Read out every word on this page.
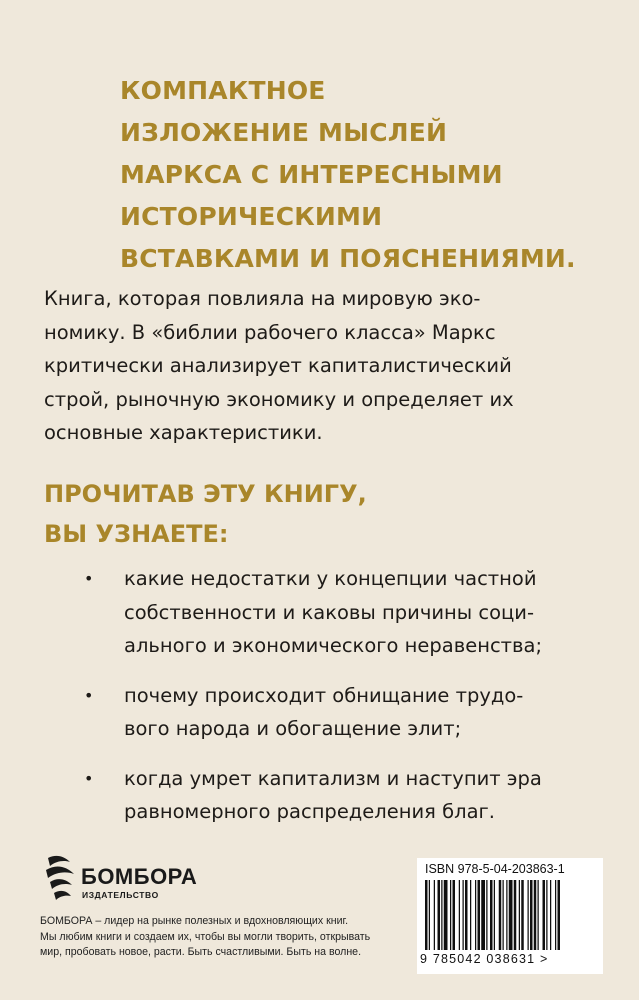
КОМПАКТНОЕ
ИЗЛОЖЕНИЕ МЫСЛЕЙ
МАРКСА С ИНТЕРЕСНЫМИ
ИСТОРИЧЕСКИМИ
ВСТАВКАМИ И ПОЯСНЕНИЯМИ.
Книга, которая повлияла на мировую эко-
номику. В «библии рабочего класса» Маркс
критически анализирует капиталистический
строй, рыночную экономику и определяет их
основные характеристики.
ПРОЧИТАВ ЭТУ КНИГУ,
ВЫ УЗНАЕТЕ:
• какие недостатки у концепции частной
собственности и каковы причины соци-
ального и экономического неравенства;
• почему происходит обнищание трудо-
вого народа и обогащение элит;
• когда умрет капитализм и наступит эра
равномерного распределения благ.
БОМБОРА
ИЗДАТЕЛЬСТВО
БОМБОРА – лидер на рынке полезных и вдохновляющих книг.
Мы любим книги и создаем их, чтобы вы могли творить, открывать
мир, пробовать новое, расти. Быть счастливыми. Быть на волне.
ISBN 978-5-04-203863-1
9 785042 038631 >
